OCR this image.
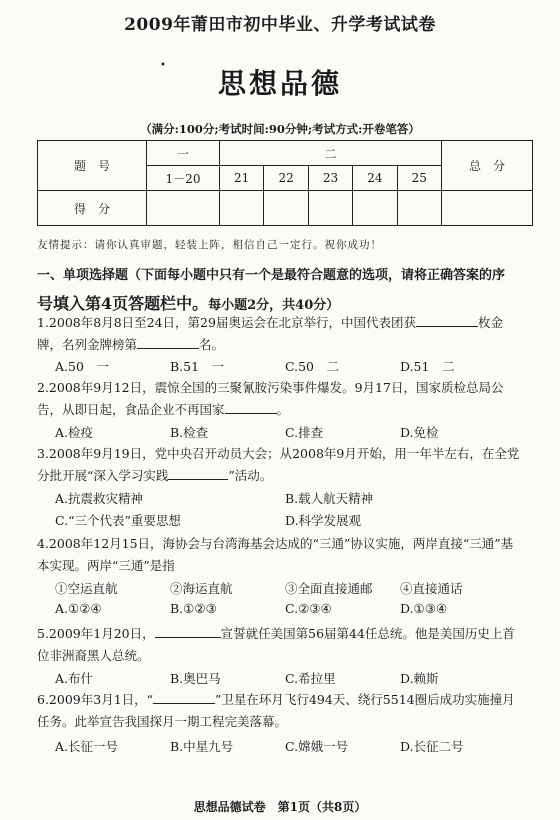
2009年莆田市初中毕业、升学考试试卷
•
思想品德
（满分:100分;考试时间:90分钟;考试方式:开卷笔答）
题　号	一	二					总　分
	1－20	21	22	23	24	25	
得　分							
友情提示：请你认真审题，轻装上阵，相信自己一定行。祝你成功！
一、单项选择题（下面每小题中只有一个是最符合题意的选项，请将正确答案的序
号填入第4页答题栏中。每小题2分，共40分）
1.2008年8月8日至24日，第29届奥运会在北京举行，中国代表团获	枚金
牌，名列金牌榜第	名。
A.50　一	B.51　一	C.50　二	D.51　二
2.2008年9月12日，震惊全国的三聚氰胺污染事件爆发。9月17日，国家质检总局公
告，从即日起，食品企业不再国家	。
A.检疫	B.检查	C.排查	D.免检
3.2008年9月19日，党中央召开动员大会；从2008年9月开始，用一年半左右，在全党
分批开展“深入学习实践	”活动。
A.抗震救灾精神	B.载人航天精神
C.“三个代表”重要思想	D.科学发展观
4.2008年12月15日，海协会与台湾海基会达成的“三通”协议实施，两岸直接“三通”基
本实现。两岸“三通”是指
①空运直航	②海运直航	③全面直接通邮 ④直接通话
A.①②④	B.①②③	C.②③④	D.①③④
5.2009年1月20日，	宣誓就任美国第56届第44任总统。他是美国历史上首
位非洲裔黑人总统。
A.布什	B.奥巴马	C.希拉里	D.赖斯
6.2009年3月1日，“	”卫星在环月飞行494天、绕行5514圈后成功实施撞月
任务。此举宣告我国探月一期工程完美落幕。
A.长征一号	B.中星九号	C.嫦娥一号	D.长征二号
思想品德试卷　第1页（共8页）
